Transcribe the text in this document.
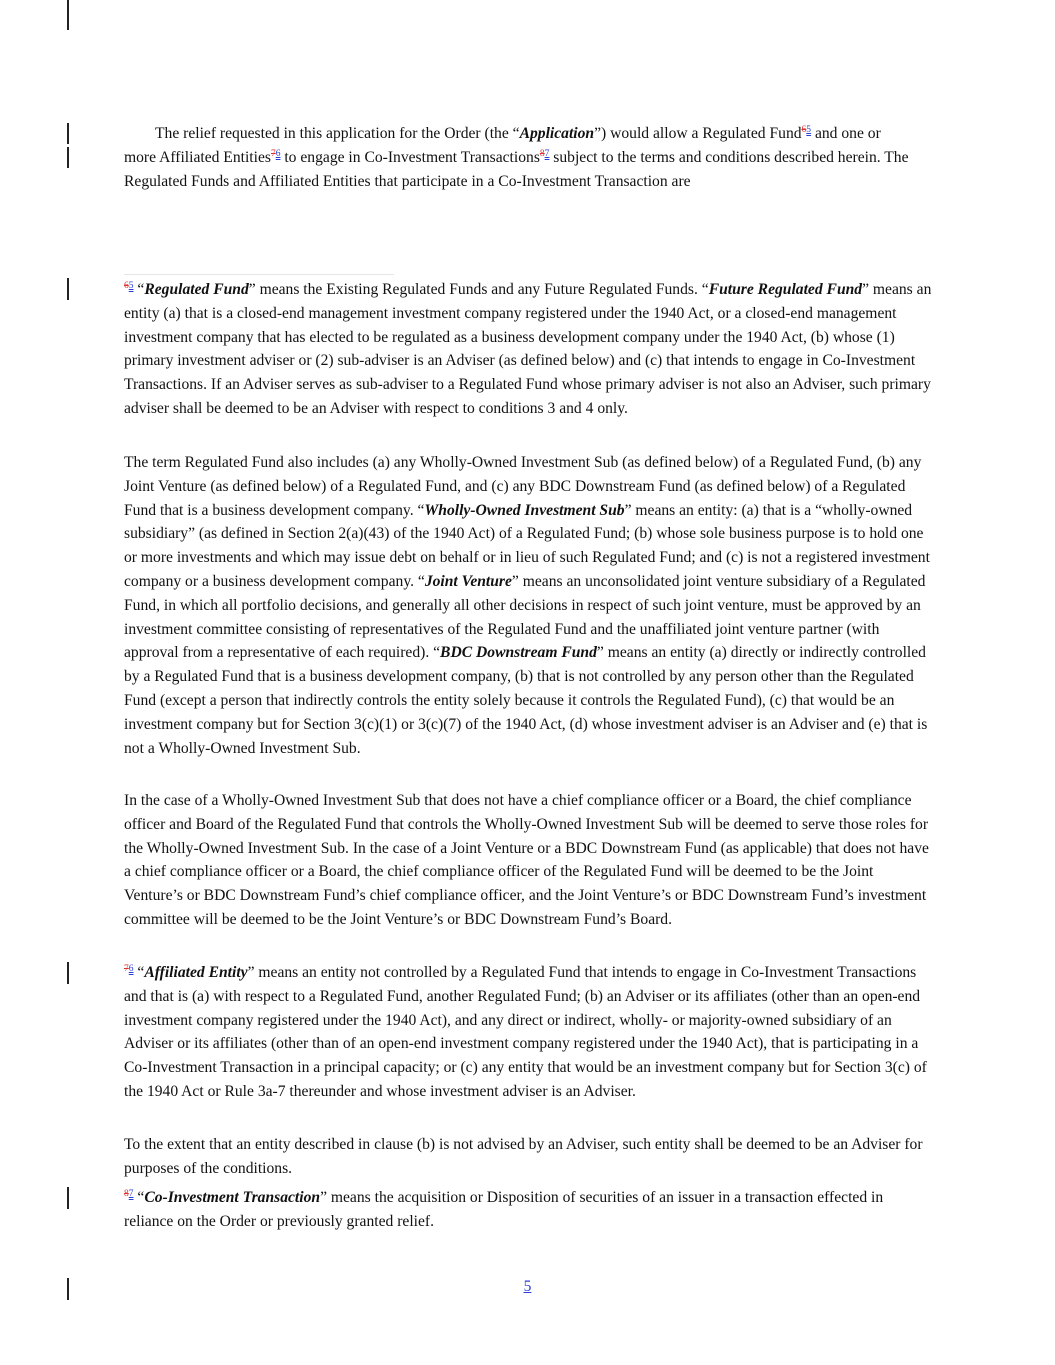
The relief requested in this application for the Order (the “Application”) would allow a Regulated Fund$^{65}$ and one or more Affiliated Entities$^{76}$ to engage in Co-Investment Transactions$^{87}$ subject to the terms and conditions described herein. The Regulated Funds and Affiliated Entities that participate in a Co-Investment Transaction are

$^{65}$ “Regulated Fund” means the Existing Regulated Funds and any Future Regulated Funds. “Future Regulated Fund” means an entity (a) that is a closed-end management investment company registered under the 1940 Act, or a closed-end management investment company that has elected to be regulated as a business development company under the 1940 Act, (b) whose (1) primary investment adviser or (2) sub-adviser is an Adviser (as defined below) and (c) that intends to engage in Co-Investment Transactions. If an Adviser serves as sub-adviser to a Regulated Fund whose primary adviser is not also an Adviser, such primary adviser shall be deemed to be an Adviser with respect to conditions 3 and 4 only.

The term Regulated Fund also includes (a) any Wholly-Owned Investment Sub (as defined below) of a Regulated Fund, (b) any Joint Venture (as defined below) of a Regulated Fund, and (c) any BDC Downstream Fund (as defined below) of a Regulated Fund that is a business development company. “Wholly-Owned Investment Sub” means an entity: (a) that is a “wholly-owned subsidiary” (as defined in Section 2(a)(43) of the 1940 Act) of a Regulated Fund; (b) whose sole business purpose is to hold one or more investments and which may issue debt on behalf or in lieu of such Regulated Fund; and (c) is not a registered investment company or a business development company. “Joint Venture” means an unconsolidated joint venture subsidiary of a Regulated Fund, in which all portfolio decisions, and generally all other decisions in respect of such joint venture, must be approved by an investment committee consisting of representatives of the Regulated Fund and the unaffiliated joint venture partner (with approval from a representative of each required). “BDC Downstream Fund” means an entity (a) directly or indirectly controlled by a Regulated Fund that is a business development company, (b) that is not controlled by any person other than the Regulated Fund (except a person that indirectly controls the entity solely because it controls the Regulated Fund), (c) that would be an investment company but for Section 3(c)(1) or 3(c)(7) of the 1940 Act, (d) whose investment adviser is an Adviser and (e) that is not a Wholly-Owned Investment Sub.

In the case of a Wholly-Owned Investment Sub that does not have a chief compliance officer or a Board, the chief compliance officer and Board of the Regulated Fund that controls the Wholly-Owned Investment Sub will be deemed to serve those roles for the Wholly-Owned Investment Sub. In the case of a Joint Venture or a BDC Downstream Fund (as applicable) that does not have a chief compliance officer or a Board, the chief compliance officer of the Regulated Fund will be deemed to be the Joint Venture’s or BDC Downstream Fund’s chief compliance officer, and the Joint Venture’s or BDC Downstream Fund’s investment committee will be deemed to be the Joint Venture’s or BDC Downstream Fund’s Board.

$^{76}$ “Affiliated Entity” means an entity not controlled by a Regulated Fund that intends to engage in Co-Investment Transactions and that is (a) with respect to a Regulated Fund, another Regulated Fund; (b) an Adviser or its affiliates (other than an open-end investment company registered under the 1940 Act), and any direct or indirect, wholly- or majority-owned subsidiary of an Adviser or its affiliates (other than of an open-end investment company registered under the 1940 Act), that is participating in a Co-Investment Transaction in a principal capacity; or (c) any entity that would be an investment company but for Section 3(c) of the 1940 Act or Rule 3a-7 thereunder and whose investment adviser is an Adviser.

To the extent that an entity described in clause (b) is not advised by an Adviser, such entity shall be deemed to be an Adviser for purposes of the conditions.

$^{87}$ “Co-Investment Transaction” means the acquisition or Disposition of securities of an issuer in a transaction effected in reliance on the Order or previously granted relief.

5
